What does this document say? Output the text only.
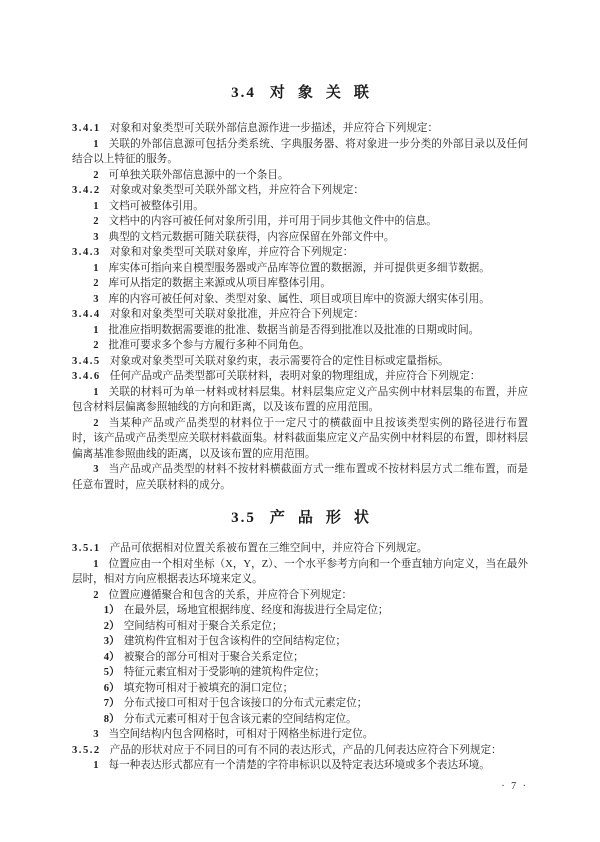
3.4 对象关联

3.4.1 对象和对象类型可关联外部信息源作进一步描述，并应符合下列规定：

1 关联的外部信息源可包括分类系统、字典服务器、将对象进一步分类的外部目录以及任何结合以上特征的服务。

2 可单独关联外部信息源中的一个条目。

3.4.2 对象或对象类型可关联外部文档，并应符合下列规定：

1 文档可被整体引用。

2 文档中的内容可被任何对象所引用，并可用于同步其他文件中的信息。

3 典型的文档元数据可随关联获得，内容应保留在外部文件中。

3.4.3 对象和对象类型可关联对象库，并应符合下列规定：

1 库实体可指向来自模型服务器或产品库等位置的数据源，并可提供更多细节数据。

2 库可从指定的数据主来源或从项目库整体引用。

3 库的内容可被任何对象、类型对象、属性、项目或项目库中的资源大纲实体引用。

3.4.4 对象和对象类型可关联对象批准，并应符合下列规定：

1 批准应指明数据需要谁的批准、数据当前是否得到批准以及批准的日期或时间。

2 批准可要求多个参与方履行多种不同角色。

3.4.5 对象或对象类型可关联对象约束，表示需要符合的定性目标或定量指标。

3.4.6 任何产品或产品类型都可关联材料，表明对象的物理组成，并应符合下列规定：

1 关联的材料可为单一材料或材料层集。材料层集应定义产品实例中材料层集的布置，并应包含材料层偏离参照轴线的方向和距离，以及该布置的应用范围。

2 当某种产品或产品类型的材料位于一定尺寸的横截面中且按该类型实例的路径进行布置时，该产品或产品类型应关联材料截面集。材料截面集应定义产品实例中材料层的布置，即材料层偏离基准参照曲线的距离，以及该布置的应用范围。

3 当产品或产品类型的材料不按材料横截面方式一维布置或不按材料层方式二维布置，而是任意布置时，应关联材料的成分。

3.5 产品形状

3.5.1 产品可依据相对位置关系被布置在三维空间中，并应符合下列规定。

1 位置应由一个相对坐标（X，Y，Z）、一个水平参考方向和一个垂直轴方向定义，当在最外层时，相对方向应根据表达环境来定义。

2 位置应遵循聚合和包含的关系，并应符合下列规定：

1） 在最外层，场地宜根据纬度、经度和海拔进行全局定位；

2） 空间结构可相对于聚合关系定位；

3） 建筑构件宜相对于包含该构件的空间结构定位；

4） 被聚合的部分可相对于聚合关系定位；

5） 特征元素宜相对于受影响的建筑构件定位；

6） 填充物可相对于被填充的洞口定位；

7） 分布式接口可相对于包含该接口的分布式元素定位；

8） 分布式元素可相对于包含该元素的空间结构定位。

3 当空间结构内包含网格时，可相对于网格坐标进行定位。

3.5.2 产品的形状对应于不同目的可有不同的表达形式，产品的几何表达应符合下列规定：

1 每一种表达形式都应有一个清楚的字符串标识以及特定表达环境或多个表达环境。

· 7 ·
